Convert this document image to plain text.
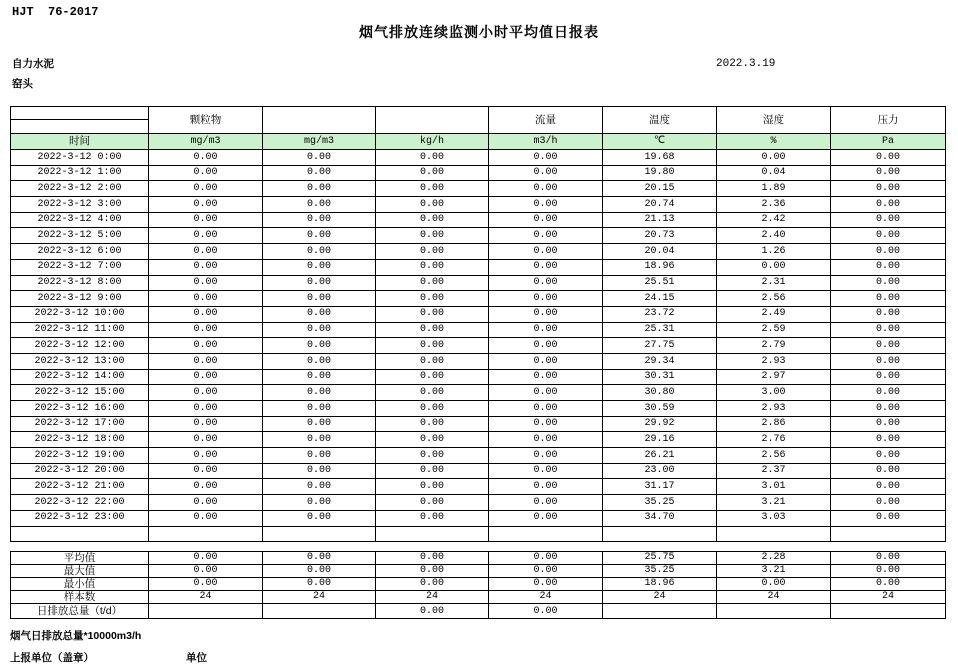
HJT  76-2017
烟气排放连续监测小时平均值日报表
自力水泥
窑头
2022.3.19
	颗粒物			流量	温度	湿度	压力

时间	mg/m3	mg/m3	kg/h	m3/h	℃	%	Pa
2022-3-12 0:00	0.00	0.00	0.00	0.00	19.68	0.00	0.00
2022-3-12 1:00	0.00	0.00	0.00	0.00	19.80	0.04	0.00
2022-3-12 2:00	0.00	0.00	0.00	0.00	20.15	1.89	0.00
2022-3-12 3:00	0.00	0.00	0.00	0.00	20.74	2.36	0.00
2022-3-12 4:00	0.00	0.00	0.00	0.00	21.13	2.42	0.00
2022-3-12 5:00	0.00	0.00	0.00	0.00	20.73	2.40	0.00
2022-3-12 6:00	0.00	0.00	0.00	0.00	20.04	1.26	0.00
2022-3-12 7:00	0.00	0.00	0.00	0.00	18.96	0.00	0.00
2022-3-12 8:00	0.00	0.00	0.00	0.00	25.51	2.31	0.00
2022-3-12 9:00	0.00	0.00	0.00	0.00	24.15	2.56	0.00
2022-3-12 10:00	0.00	0.00	0.00	0.00	23.72	2.49	0.00
2022-3-12 11:00	0.00	0.00	0.00	0.00	25.31	2.59	0.00
2022-3-12 12:00	0.00	0.00	0.00	0.00	27.75	2.79	0.00
2022-3-12 13:00	0.00	0.00	0.00	0.00	29.34	2.93	0.00
2022-3-12 14:00	0.00	0.00	0.00	0.00	30.31	2.97	0.00
2022-3-12 15:00	0.00	0.00	0.00	0.00	30.80	3.00	0.00
2022-3-12 16:00	0.00	0.00	0.00	0.00	30.59	2.93	0.00
2022-3-12 17:00	0.00	0.00	0.00	0.00	29.92	2.86	0.00
2022-3-12 18:00	0.00	0.00	0.00	0.00	29.16	2.76	0.00
2022-3-12 19:00	0.00	0.00	0.00	0.00	26.21	2.56	0.00
2022-3-12 20:00	0.00	0.00	0.00	0.00	23.00	2.37	0.00
2022-3-12 21:00	0.00	0.00	0.00	0.00	31.17	3.01	0.00
2022-3-12 22:00	0.00	0.00	0.00	0.00	35.25	3.21	0.00
2022-3-12 23:00	0.00	0.00	0.00	0.00	34.70	3.03	0.00

平均值	0.00	0.00	0.00	0.00	25.75	2.28	0.00
最大值	0.00	0.00	0.00	0.00	35.25	3.21	0.00
最小值	0.00	0.00	0.00	0.00	18.96	0.00	0.00
样本数	24	24	24	24	24	24	24
日排放总量（t/d）			0.00	0.00			
烟气日排放总量*10000m3/h
上报单位（盖章）	单位
